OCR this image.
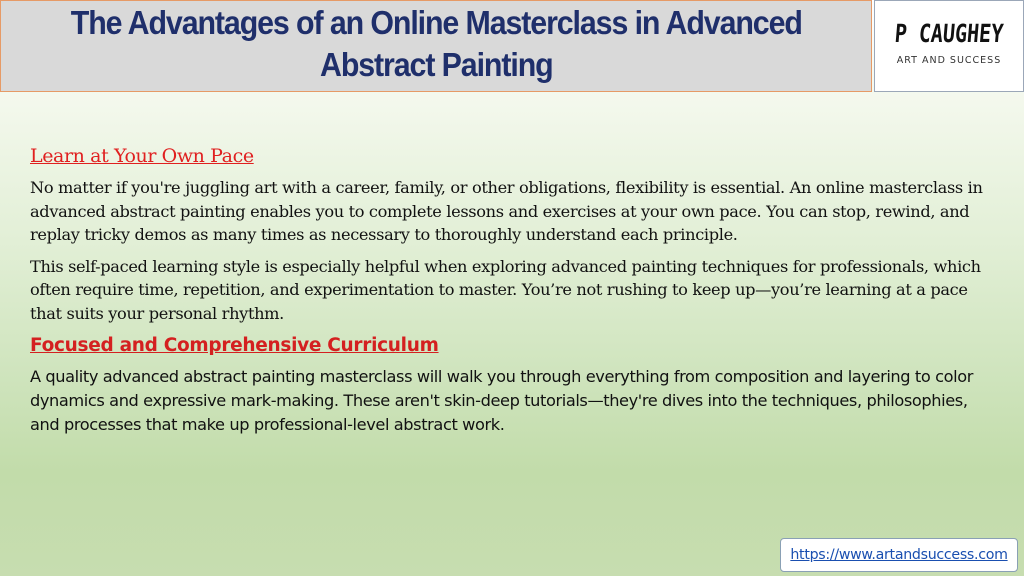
The Advantages of an Online Masterclass in Advanced
Abstract Painting
P CAUGHEY
ART AND SUCCESS
Learn at Your Own Pace

No matter if you're juggling art with a career, family, or other obligations, flexibility is essential. An online masterclass in advanced abstract painting enables you to complete lessons and exercises at your own pace. You can stop, rewind, and replay tricky demos as many times as necessary to thoroughly understand each principle.

This self-paced learning style is especially helpful when exploring advanced painting techniques for professionals, which often require time, repetition, and experimentation to master. You’re not rushing to keep up—you’re learning at a pace that suits your personal rhythm.

Focused and Comprehensive Curriculum

A quality advanced abstract painting masterclass will walk you through everything from composition and layering to color dynamics and expressive mark-making. These aren't skin-deep tutorials—they're dives into the techniques, philosophies, and processes that make up professional-level abstract work.

https://www.artandsuccess.com
